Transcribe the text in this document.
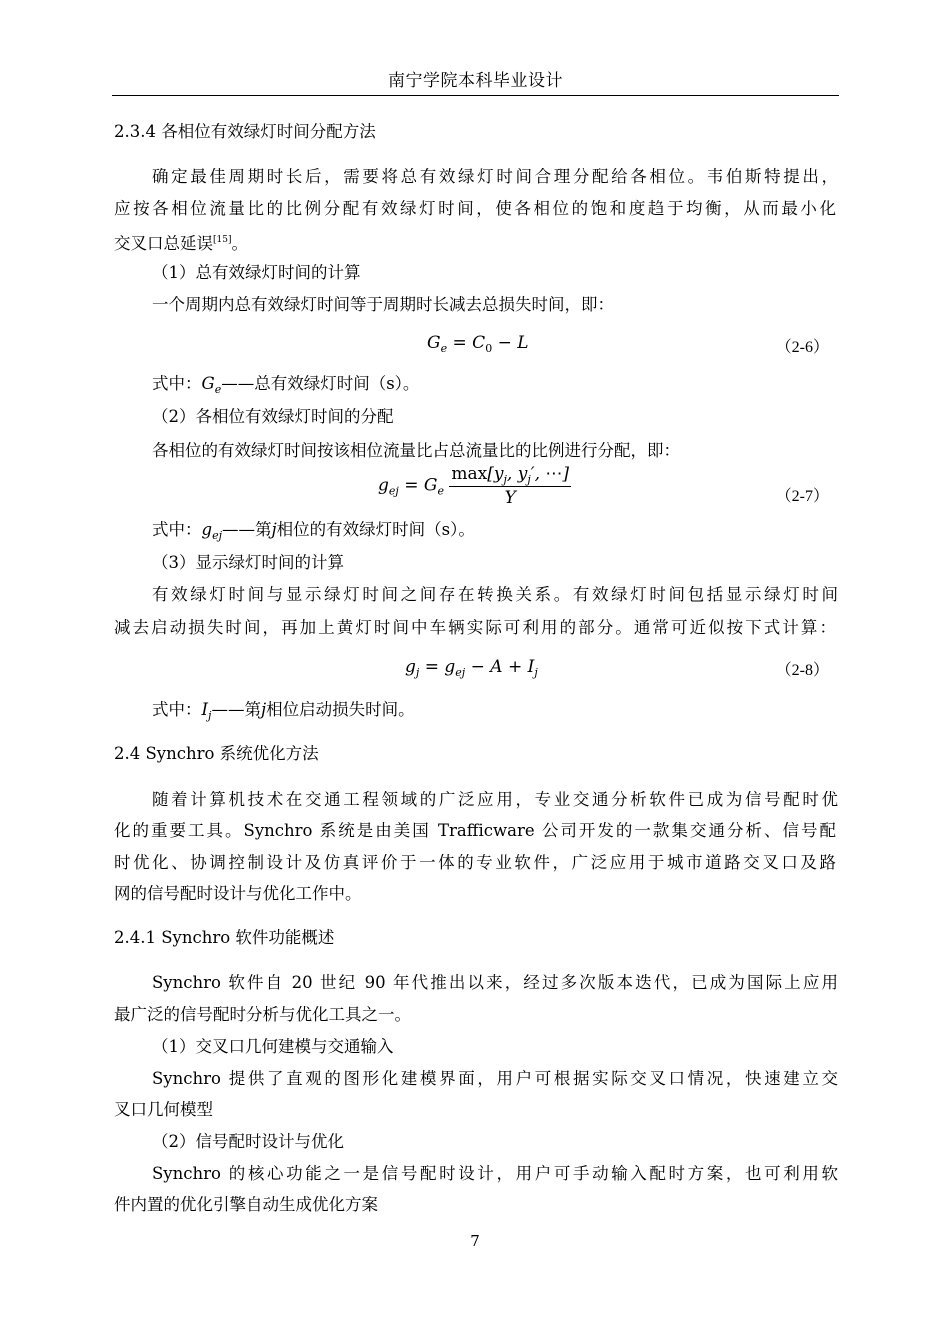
南宁学院本科毕业设计
2.3.4 各相位有效绿灯时间分配方法
确定最佳周期时长后，需要将总有效绿灯时间合理分配给各相位。韦伯斯特提出，
应按各相位流量比的比例分配有效绿灯时间，使各相位的饱和度趋于均衡，从而最小化
交叉口总延误[15]。
（1）总有效绿灯时间的计算
一个周期内总有效绿灯时间等于周期时长减去总损失时间，即：
$G_e = C_0 - L$	（2-6）
式中：$G_e——$总有效绿灯时间（s）。
（2）各相位有效绿灯时间的分配
各相位的有效绿灯时间按该相位流量比占总流量比的比例进行分配，即：
$g_{ej} = G_e \frac{\max[y_j, y_j', \cdots]}{Y}$	（2-7）
式中：$g_{ej}——$第j相位的有效绿灯时间（s）。
（3）显示绿灯时间的计算
有效绿灯时间与显示绿灯时间之间存在转换关系。有效绿灯时间包括显示绿灯时间
减去启动损失时间，再加上黄灯时间中车辆实际可利用的部分。通常可近似按下式计算：
$g_j = g_{ej} - A + I_j$	（2-8）
式中：$I_j——$第j相位启动损失时间。
2.4 Synchro 系统优化方法
随着计算机技术在交通工程领域的广泛应用，专业交通分析软件已成为信号配时优
化的重要工具。Synchro 系统是由美国 Trafficware 公司开发的一款集交通分析、信号配
时优化、协调控制设计及仿真评价于一体的专业软件，广泛应用于城市道路交叉口及路
网的信号配时设计与优化工作中。
2.4.1 Synchro 软件功能概述
Synchro 软件自 20 世纪 90 年代推出以来，经过多次版本迭代，已成为国际上应用
最广泛的信号配时分析与优化工具之一。
（1）交叉口几何建模与交通输入
Synchro 提供了直观的图形化建模界面，用户可根据实际交叉口情况，快速建立交
叉口几何模型
（2）信号配时设计与优化
Synchro 的核心功能之一是信号配时设计，用户可手动输入配时方案，也可利用软
件内置的优化引擎自动生成优化方案
7
